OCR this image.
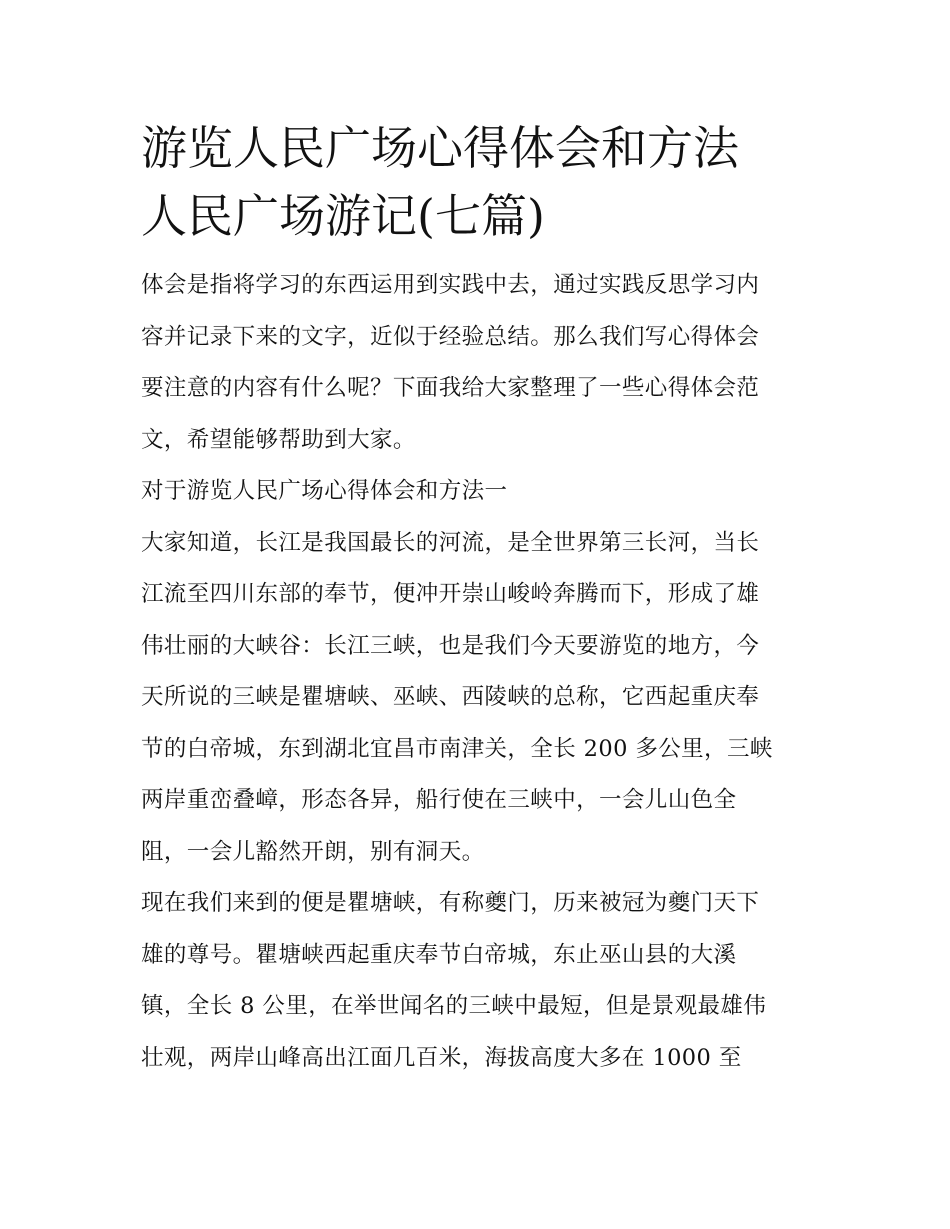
游览人民广场心得体会和方法
人民广场游记(七篇)
体会是指将学习的东西运用到实践中去，通过实践反思学习内
容并记录下来的文字，近似于经验总结。那么我们写心得体会
要注意的内容有什么呢？下面我给大家整理了一些心得体会范
文，希望能够帮助到大家。
对于游览人民广场心得体会和方法一
大家知道，长江是我国最长的河流，是全世界第三长河，当长
江流至四川东部的奉节，便冲开崇山峻岭奔腾而下，形成了雄
伟壮丽的大峡谷：长江三峡，也是我们今天要游览的地方，今
天所说的三峡是瞿塘峡、巫峡、西陵峡的总称，它西起重庆奉
节的白帝城，东到湖北宜昌市南津关，全长 200 多公里，三峡
两岸重峦叠嶂，形态各异，船行使在三峡中，一会儿山色全
阻，一会儿豁然开朗，别有洞天。
现在我们来到的便是瞿塘峡，有称夔门，历来被冠为夔门天下
雄的尊号。瞿塘峡西起重庆奉节白帝城，东止巫山县的大溪
镇，全长 8 公里，在举世闻名的三峡中最短，但是景观最雄伟
壮观，两岸山峰高出江面几百米，海拔高度大多在 1000 至
